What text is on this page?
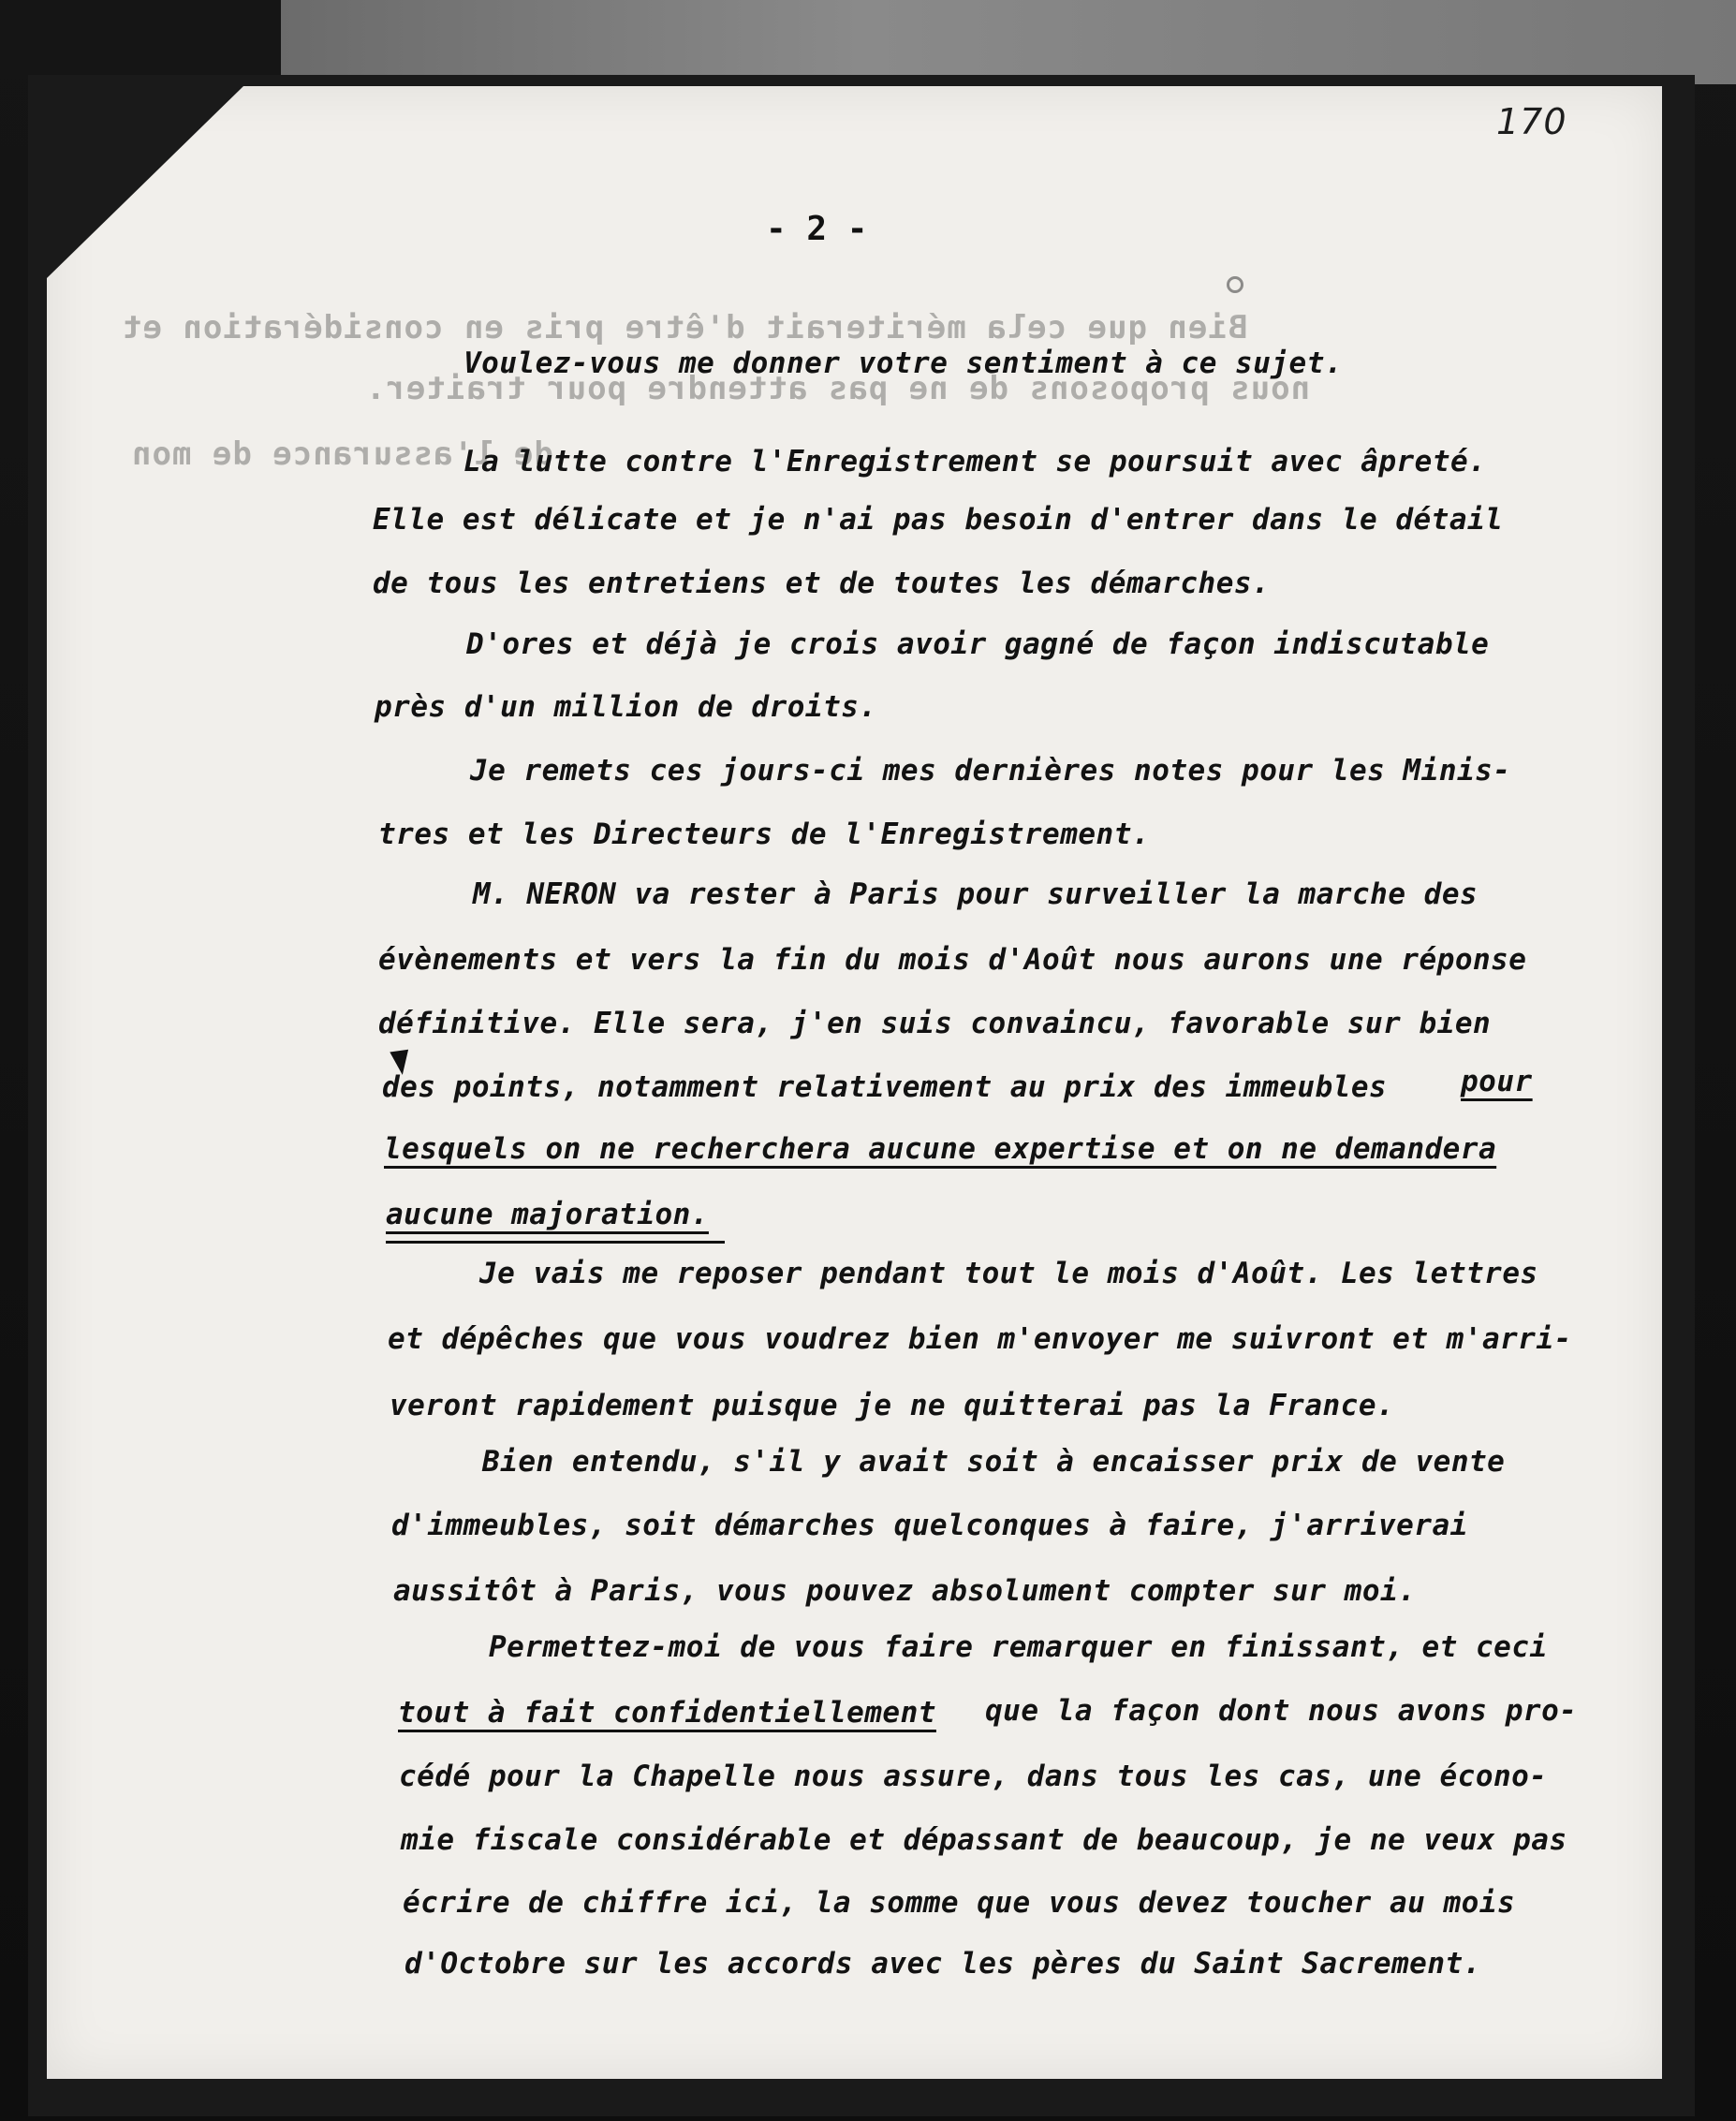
Bien que cela mériterait d'être pris en considération et
nous proposons de ne pas attendre pour traiter.
de l'assurance de mon
170
- 2 -
Voulez-vous me donner votre sentiment à ce sujet.
La lutte contre l'Enregistrement se poursuit avec âpreté.
Elle est délicate et je n'ai pas besoin d'entrer dans le détail
de tous les entretiens et de toutes les démarches.
D'ores et déjà je crois avoir gagné de façon indiscutable
près d'un million de droits.
Je remets ces jours-ci mes dernières notes pour les Minis-
tres et les Directeurs de l'Enregistrement.
M. NERON va rester à Paris pour surveiller la marche des
évènements et vers la fin du mois d'Août nous aurons une réponse
définitive. Elle sera, j'en suis convaincu, favorable sur bien
des points, notamment relativement au prix des immeubles	pour
lesquels on ne recherchera aucune expertise et on ne demandera
aucune majoration.
Je vais me reposer pendant tout le mois d'Août. Les lettres
et dépêches que vous voudrez bien m'envoyer me suivront et m'arri-
veront rapidement puisque je ne quitterai pas la France.
Bien entendu, s'il y avait soit à encaisser prix de vente
d'immeubles, soit démarches quelconques à faire, j'arriverai
aussitôt à Paris, vous pouvez absolument compter sur moi.
Permettez-moi de vous faire remarquer en finissant, et ceci
tout à fait confidentiellement que la façon dont nous avons pro-
cédé pour la Chapelle nous assure, dans tous les cas, une écono-
mie fiscale considérable et dépassant de beaucoup, je ne veux pas
écrire de chiffre ici, la somme que vous devez toucher au mois
d'Octobre sur les accords avec les pères du Saint Sacrement.
